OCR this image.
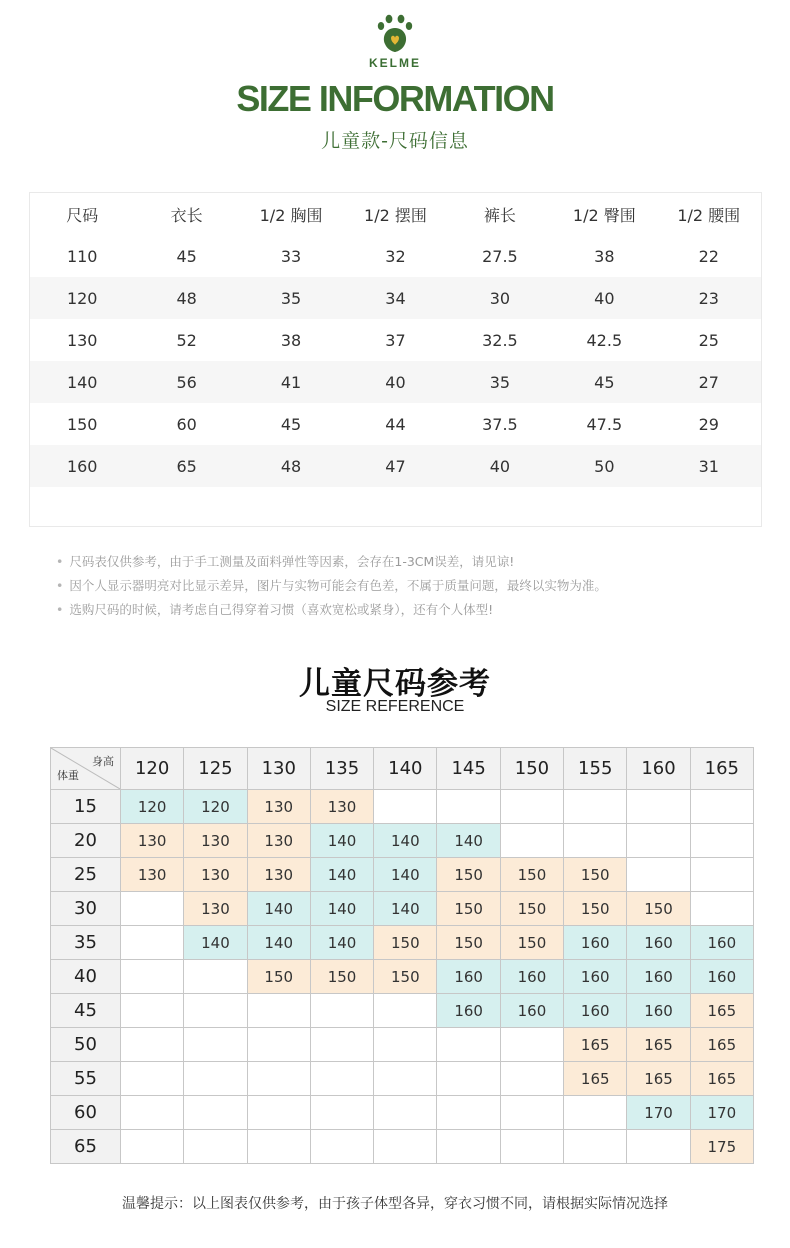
KELME
SIZE INFORMATION
儿童款-尺码信息
尺码	衣长	1/2 胸围	1/2 摆围	裤长	1/2 臀围	1/2 腰围
110	45	33	32	27.5	38	22
120	48	35	34	30	40	23
130	52	38	37	32.5	42.5	25
140	56	41	40	35	45	27
150	60	45	44	37.5	47.5	29
160	65	48	47	40	50	31
• 尺码表仅供参考，由于手工测量及面料弹性等因素，会存在1-3CM误差，请见谅!
• 因个人显示器明亮对比显示差异，图片与实物可能会有色差，不属于质量问题，最终以实物为准。
• 选购尺码的时候，请考虑自己得穿着习惯（喜欢宽松或紧身），还有个人体型!
儿童尺码参考
SIZE REFERENCE
身高
体重	120	125	130	135	140	145	150	155	160	165
15	120	120	130	130						
20	130	130	130	140	140	140				
25	130	130	130	140	140	150	150	150		
30		130	140	140	140	150	150	150	150	
35		140	140	140	150	150	150	160	160	160
40			150	150	150	160	160	160	160	160
45						160	160	160	160	165
50								165	165	165
55								165	165	165
60									170	170
65										175
温馨提示：以上图表仅供参考，由于孩子体型各异，穿衣习惯不同，请根据实际情况选择
